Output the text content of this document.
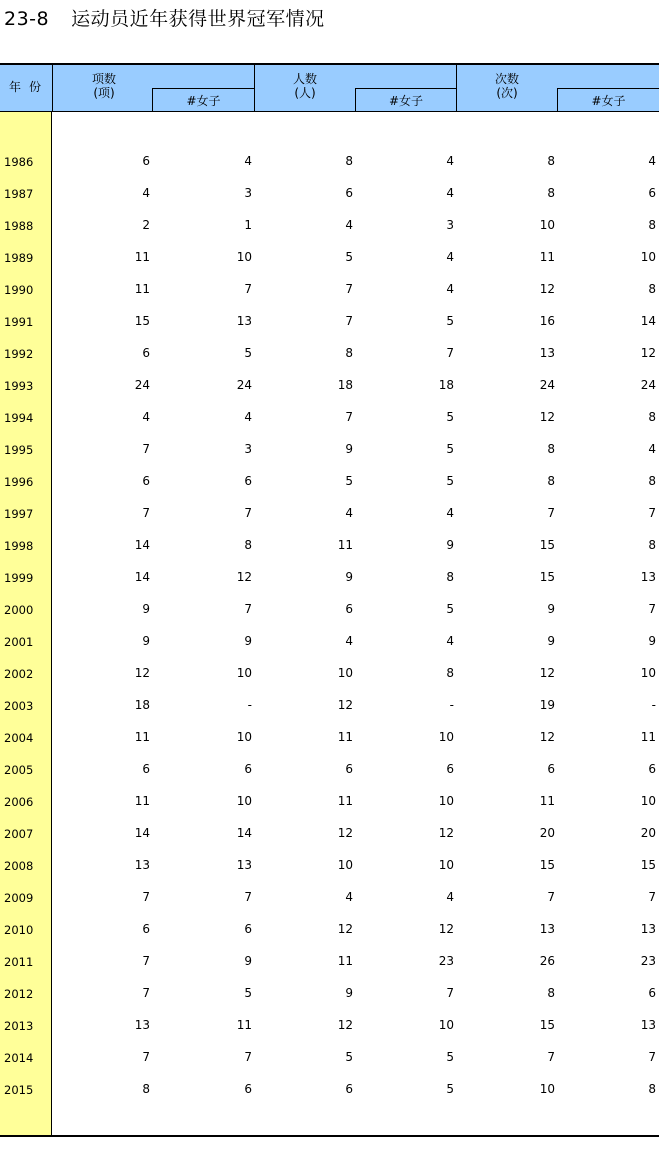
23-8 运动员近年获得世界冠军情况
年份
项数
(项)
#女子
人数
(人)
#女子
次数
(次)
#女子
1986	6	4	8	4	8	4
1987	4	3	6	4	8	6
1988	2	1	4	3	10	8
1989	11	10	5	4	11	10
1990	11	7	7	4	12	8
1991	15	13	7	5	16	14
1992	6	5	8	7	13	12
1993	24	24	18	18	24	24
1994	4	4	7	5	12	8
1995	7	3	9	5	8	4
1996	6	6	5	5	8	8
1997	7	7	4	4	7	7
1998	14	8	11	9	15	8
1999	14	12	9	8	15	13
2000	9	7	6	5	9	7
2001	9	9	4	4	9	9
2002	12	10	10	8	12	10
2003	18	-	12	-	19	-
2004	11	10	11	10	12	11
2005	6	6	6	6	6	6
2006	11	10	11	10	11	10
2007	14	14	12	12	20	20
2008	13	13	10	10	15	15
2009	7	7	4	4	7	7
2010	6	6	12	12	13	13
2011	7	9	11	23	26	23
2012	7	5	9	7	8	6
2013	13	11	12	10	15	13
2014	7	7	5	5	7	7
2015	8	6	6	5	10	8
